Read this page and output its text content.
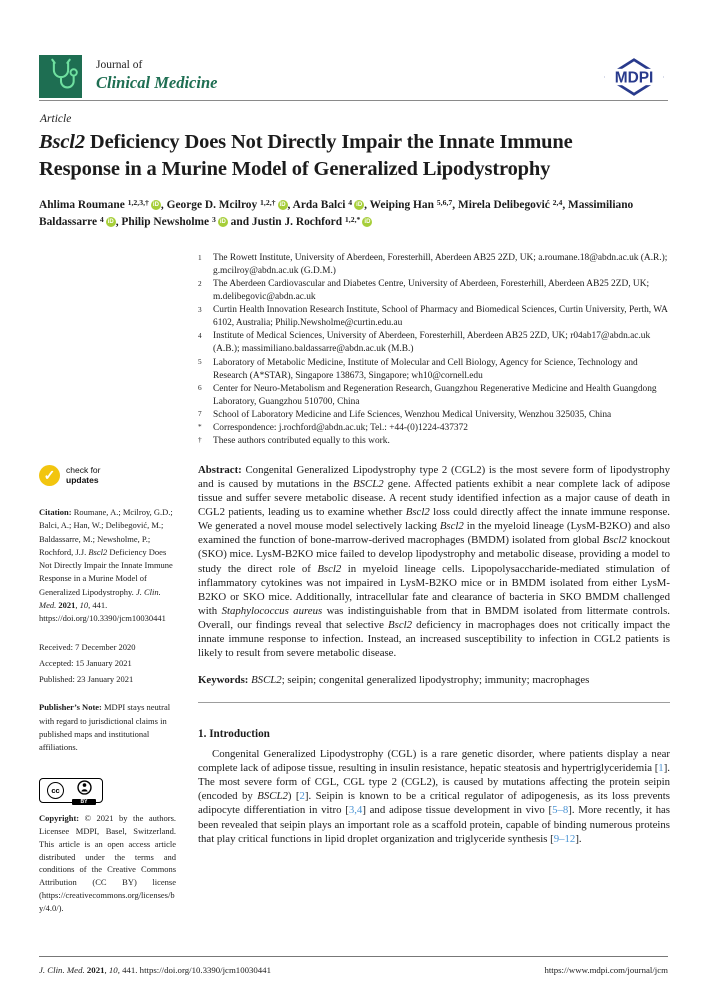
Journal of
Clinical Medicine	MDPI
Article
Bscl2 Deficiency Does Not Directly Impair the Innate Immune Response in a Murine Model of Generalized Lipodystrophy
Ahlima Roumane $^{1,2,3,\dagger}$ iD , George D. Mcilroy $^{1,2,\dagger}$ iD , Arda Balci $^4$ iD , Weiping Han $^{5,6,7}$, Mirela Delibegović $^{2,4}$, Massimiliano Baldassarre $^4$ iD , Philip Newsholme $^3$ iD and Justin J. Rochford $^{1,2,*}$ iD
1	The Rowett Institute, University of Aberdeen, Foresterhill, Aberdeen AB25 2ZD, UK; a.roumane.18@abdn.ac.uk (A.R.); g.mcilroy@abdn.ac.uk (G.D.M.)
2	The Aberdeen Cardiovascular and Diabetes Centre, University of Aberdeen, Foresterhill, Aberdeen AB25 2ZD, UK; m.delibegovic@abdn.ac.uk
3	Curtin Health Innovation Research Institute, School of Pharmacy and Biomedical Sciences, Curtin University, Perth, WA 6102, Australia; Philip.Newsholme@curtin.edu.au
4	Institute of Medical Sciences, University of Aberdeen, Foresterhill, Aberdeen AB25 2ZD, UK; r04ab17@abdn.ac.uk (A.B.); massimiliano.baldassarre@abdn.ac.uk (M.B.)
5	Laboratory of Metabolic Medicine, Institute of Molecular and Cell Biology, Agency for Science, Technology and Research (A*STAR), Singapore 138673, Singapore; wh10@cornell.edu
6	Center for Neuro-Metabolism and Regeneration Research, Guangzhou Regenerative Medicine and Health Guangdong Laboratory, Guangzhou 510700, China
7	School of Laboratory Medicine and Life Sciences, Wenzhou Medical University, Wenzhou 325035, China
*	Correspondence: j.rochford@abdn.ac.uk; Tel.: +44-(0)1224-437372
†	These authors contributed equally to this work.
✓	check for
updates
Citation: Roumane, A.; Mcilroy, G.D.; Balci, A.; Han, W.; Delibegović, M.; Baldassarre, M.; Newsholme, P.; Rochford, J.J. Bscl2 Deficiency Does Not Directly Impair the Innate Immune Response in a Murine Model of Generalized Lipodystrophy. J. Clin. Med. 2021, 10, 441. https://doi.org/10.3390/jcm10030441
Received: 7 December 2020
Accepted: 15 January 2021
Published: 23 January 2021
Publisher’s Note: MDPI stays neutral with regard to jurisdictional claims in published maps and institutional affiliations.
cc
BY
Copyright: © 2021 by the authors. Licensee MDPI, Basel, Switzerland. This article is an open access article distributed under the terms and conditions of the Creative Commons Attribution (CC BY) license (https://creativecommons.org/licenses/by/4.0/).

Abstract: Congenital Generalized Lipodystrophy type 2 (CGL2) is the most severe form of lipodystrophy and is caused by mutations in the BSCL2 gene. Affected patients exhibit a near complete lack of adipose tissue and suffer severe metabolic disease. A recent study identified infection as a major cause of death in CGL2 patients, leading us to examine whether Bscl2 loss could directly affect the innate immune response. We generated a novel mouse model selectively lacking Bscl2 in the myeloid lineage (LysM-B2KO) and also examined the function of bone-marrow-derived macrophages (BMDM) isolated from global Bscl2 knockout (SKO) mice. LysM-B2KO mice failed to develop lipodystrophy and metabolic disease, providing a model to study the direct role of Bscl2 in myeloid lineage cells. Lipopolysaccharide-mediated stimulation of inflammatory cytokines was not impaired in LysM-B2KO mice or in BMDM isolated from either LysM-B2KO or SKO mice. Additionally, intracellular fate and clearance of bacteria in SKO BMDM challenged with Staphylococcus aureus was indistinguishable from that in BMDM isolated from littermate controls. Overall, our findings reveal that selective Bscl2 deficiency in macrophages does not critically impact the innate immune response to infection. Instead, an increased susceptibility to infection in CGL2 patients is likely to result from severe metabolic disease.

Keywords: BSCL2; seipin; congenital generalized lipodystrophy; immunity; macrophages

1. Introduction

Congenital Generalized Lipodystrophy (CGL) is a rare genetic disorder, where patients display a near complete lack of adipose tissue, resulting in insulin resistance, hepatic steatosis and hypertriglyceridemia [1]. The most severe form of CGL, CGL type 2 (CGL2), is caused by mutations affecting the protein seipin (encoded by BSCL2) [2]. Seipin is known to be a critical regulator of adipogenesis, as its loss prevents adipocyte differentiation in vitro [3,4] and adipose tissue development in vivo [5–8]. More recently, it has been revealed that seipin plays an important role as a scaffold protein, capable of binding numerous proteins that play critical functions in lipid droplet organization and triglyceride synthesis [9–12].

J. Clin. Med. 2021, 10, 441. https://doi.org/10.3390/jcm10030441	https://www.mdpi.com/journal/jcm
